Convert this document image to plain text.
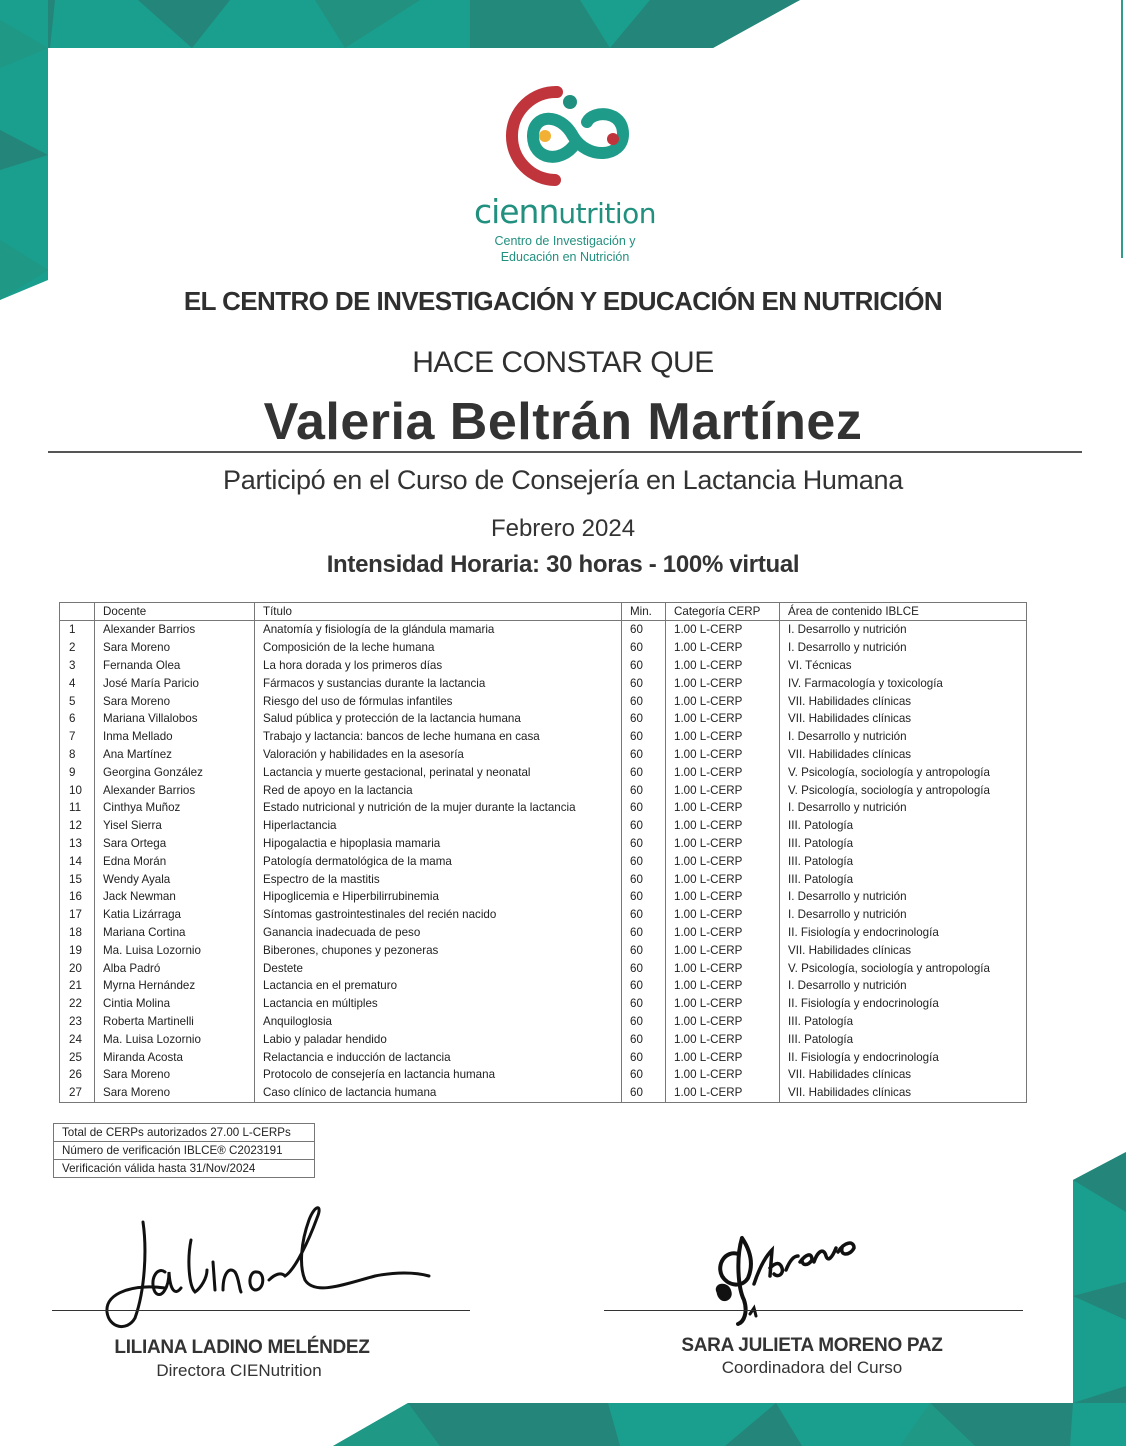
ciennutrition
Centro de Investigación y
Educación en Nutrición
EL CENTRO DE INVESTIGACIÓN Y EDUCACIÓN EN NUTRICIÓN
HACE CONSTAR QUE
Valeria Beltrán Martínez
Participó en el Curso de Consejería en Lactancia Humana
Febrero 2024
Intensidad Horaria: 30 horas - 100% virtual
	Docente	Título	Min.	Categoría CERP	Área de contenido IBLCE
1	Alexander Barrios	Anatomía y fisiología de la glándula mamaria	60	1.00 L-CERP	I. Desarrollo y nutrición
2	Sara Moreno	Composición de la leche humana	60	1.00 L-CERP	I. Desarrollo y nutrición
3	Fernanda Olea	La hora dorada y los primeros días	60	1.00 L-CERP	VI. Técnicas
4	José María Paricio	Fármacos y sustancias durante la lactancia	60	1.00 L-CERP	IV. Farmacología y toxicología
5	Sara Moreno	Riesgo del uso de fórmulas infantiles	60	1.00 L-CERP	VII. Habilidades clínicas
6	Mariana Villalobos	Salud pública y protección de la lactancia humana	60	1.00 L-CERP	VII. Habilidades clínicas
7	Inma Mellado	Trabajo y lactancia: bancos de leche humana en casa	60	1.00 L-CERP	I. Desarrollo y nutrición
8	Ana Martínez	Valoración y habilidades en la asesoría	60	1.00 L-CERP	VII. Habilidades clínicas
9	Georgina González	Lactancia y muerte gestacional, perinatal y neonatal	60	1.00 L-CERP	V. Psicología, sociología y antropología
10	Alexander Barrios	Red de apoyo en la lactancia	60	1.00 L-CERP	V. Psicología, sociología y antropología
11	Cinthya Muñoz	Estado nutricional y nutrición de la mujer durante la lactancia	60	1.00 L-CERP	I. Desarrollo y nutrición
12	Yisel Sierra	Hiperlactancia	60	1.00 L-CERP	III. Patología
13	Sara Ortega	Hipogalactia e hipoplasia mamaria	60	1.00 L-CERP	III. Patología
14	Edna Morán	Patología dermatológica de la mama	60	1.00 L-CERP	III. Patología
15	Wendy Ayala	Espectro de la mastitis	60	1.00 L-CERP	III. Patología
16	Jack Newman	Hipoglicemia e Hiperbilirrubinemia	60	1.00 L-CERP	I. Desarrollo y nutrición
17	Katia Lizárraga	Síntomas gastrointestinales del recién nacido	60	1.00 L-CERP	I. Desarrollo y nutrición
18	Mariana Cortina	Ganancia inadecuada de peso	60	1.00 L-CERP	II. Fisiología y endocrinología
19	Ma. Luisa Lozornio	Biberones, chupones y pezoneras	60	1.00 L-CERP	VII. Habilidades clínicas
20	Alba Padró	Destete	60	1.00 L-CERP	V. Psicología, sociología y antropología
21	Myrna Hernández	Lactancia en el prematuro	60	1.00 L-CERP	I. Desarrollo y nutrición
22	Cintia Molina	Lactancia en múltiples	60	1.00 L-CERP	II. Fisiología y endocrinología
23	Roberta Martinelli	Anquiloglosia	60	1.00 L-CERP	III. Patología
24	Ma. Luisa Lozornio	Labio y paladar hendido	60	1.00 L-CERP	III. Patología
25	Miranda Acosta	Relactancia e inducción de lactancia	60	1.00 L-CERP	II. Fisiología y endocrinología
26	Sara Moreno	Protocolo de consejería en lactancia humana	60	1.00 L-CERP	VII. Habilidades clínicas
27	Sara Moreno	Caso clínico de lactancia humana	60	1.00 L-CERP	VII. Habilidades clínicas
Total de CERPs autorizados 27.00 L-CERPs
Número de verificación IBLCE® C2023191
Verificación válida hasta 31/Nov/2024
LILIANA LADINO MELÉNDEZ
Directora CIENutrition
SARA JULIETA MORENO PAZ
Coordinadora del Curso
